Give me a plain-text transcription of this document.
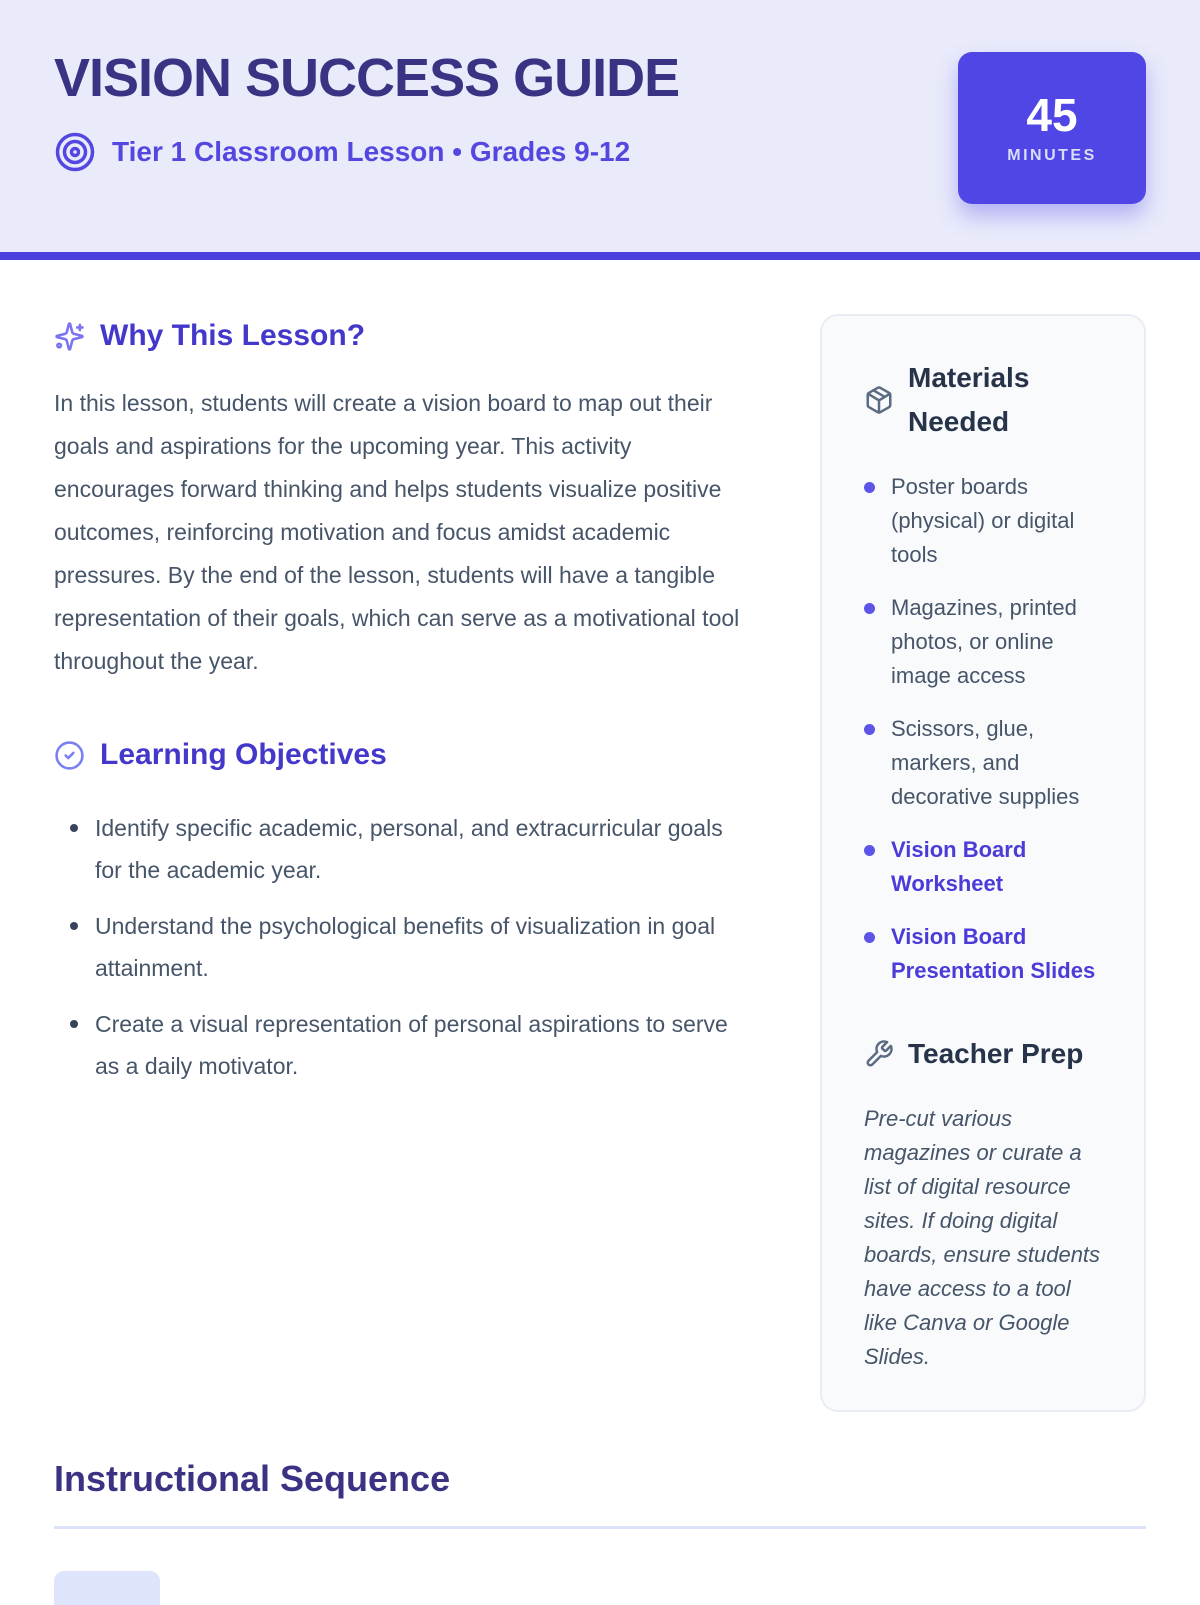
VISION SUCCESS GUIDE
Tier 1 Classroom Lesson • Grades 9-12
45
MINUTES
Why This Lesson?

In this lesson, students will create a vision board to map out their goals and aspirations for the upcoming year. This activity encourages forward thinking and helps students visualize positive outcomes, reinforcing motivation and focus amidst academic pressures. By the end of the lesson, students will have a tangible representation of their goals, which can serve as a motivational tool throughout the year.

Learning Objectives
Identify specific academic, personal, and extracurricular goals for the academic year.
Understand the psychological benefits of visualization in goal attainment.
Create a visual representation of personal aspirations to serve as a daily motivator.
Materials Needed
Poster boards (physical) or digital tools
Magazines, printed photos, or online image access
Scissors, glue, markers, and decorative supplies
Vision Board Worksheet
Vision Board Presentation Slides
Teacher Prep

Pre-cut various magazines or curate a list of digital resource sites. If doing digital boards, ensure students have access to a tool like Canva or Google Slides.

Instructional Sequence
